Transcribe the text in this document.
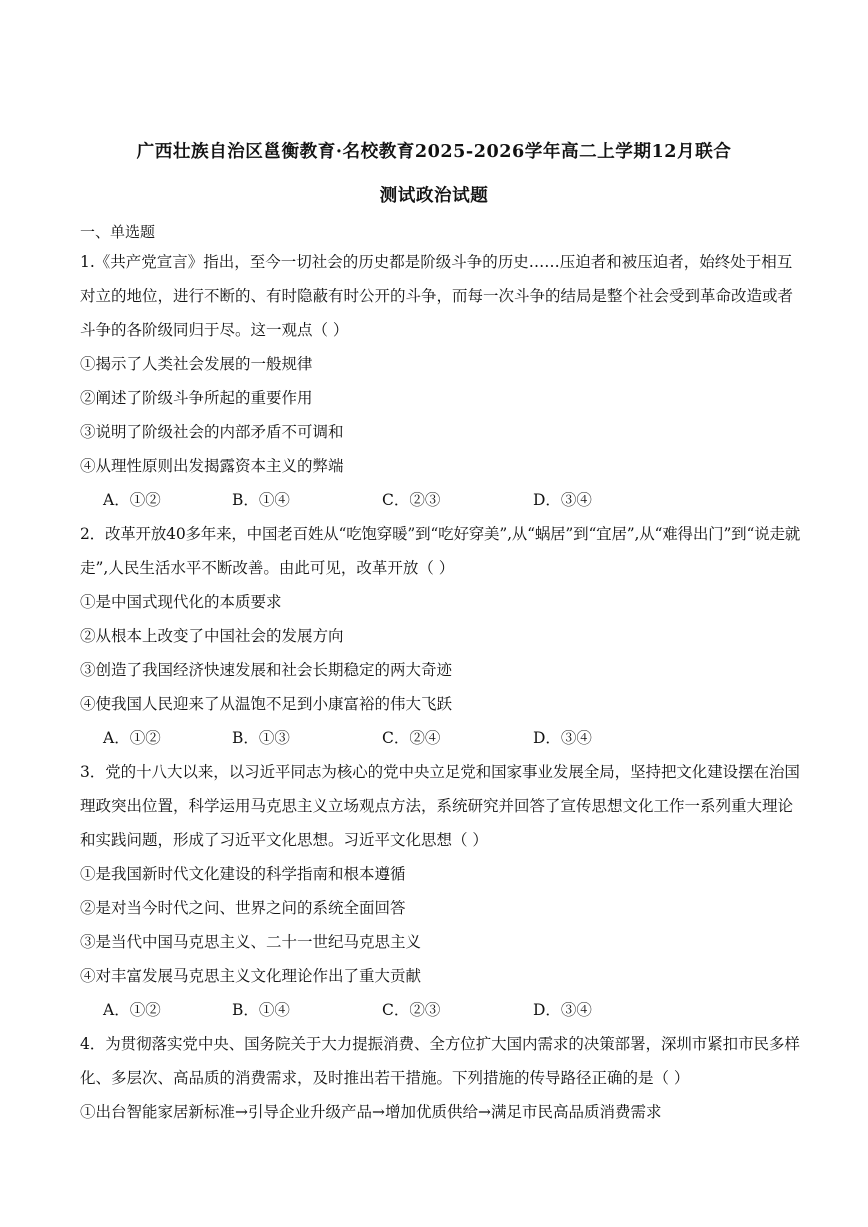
广西壮族自治区邕衡教育·名校教育2025-2026学年高二上学期12月联合
测试政治试题
一、单选题
1.《共产党宣言》指出，至今一切社会的历史都是阶级斗争的历史……压迫者和被压迫者，始终处于相互
对立的地位，进行不断的、有时隐蔽有时公开的斗争，而每一次斗争的结局是整个社会受到革命改造或者
斗争的各阶级同归于尽。这一观点（ ）
①揭示了人类社会发展的一般规律
②阐述了阶级斗争所起的重要作用
③说明了阶级社会的内部矛盾不可调和
④从理性原则出发揭露资本主义的弊端
A．①②	B．①④	C．②③	D．③④
2．改革开放40多年来，中国老百姓从“吃饱穿暖”到“吃好穿美”,从“蜗居”到“宜居”,从“难得出门”到“说走就
走”,人民生活水平不断改善。由此可见，改革开放（ ）
①是中国式现代化的本质要求
②从根本上改变了中国社会的发展方向
③创造了我国经济快速发展和社会长期稳定的两大奇迹
④使我国人民迎来了从温饱不足到小康富裕的伟大飞跃
A．①②	B．①③	C．②④	D．③④
3．党的十八大以来，以习近平同志为核心的党中央立足党和国家事业发展全局，坚持把文化建设摆在治国
理政突出位置，科学运用马克思主义立场观点方法，系统研究并回答了宣传思想文化工作一系列重大理论
和实践问题，形成了习近平文化思想。习近平文化思想（ ）
①是我国新时代文化建设的科学指南和根本遵循
②是对当今时代之问、世界之问的系统全面回答
③是当代中国马克思主义、二十一世纪马克思主义
④对丰富发展马克思主义文化理论作出了重大贡献
A．①②	B．①④	C．②③	D．③④
4．为贯彻落实党中央、国务院关于大力提振消费、全方位扩大国内需求的决策部署，深圳市紧扣市民多样
化、多层次、高品质的消费需求，及时推出若干措施。下列措施的传导路径正确的是（ ）
①出台智能家居新标准→引导企业升级产品→增加优质供给→满足市民高品质消费需求
